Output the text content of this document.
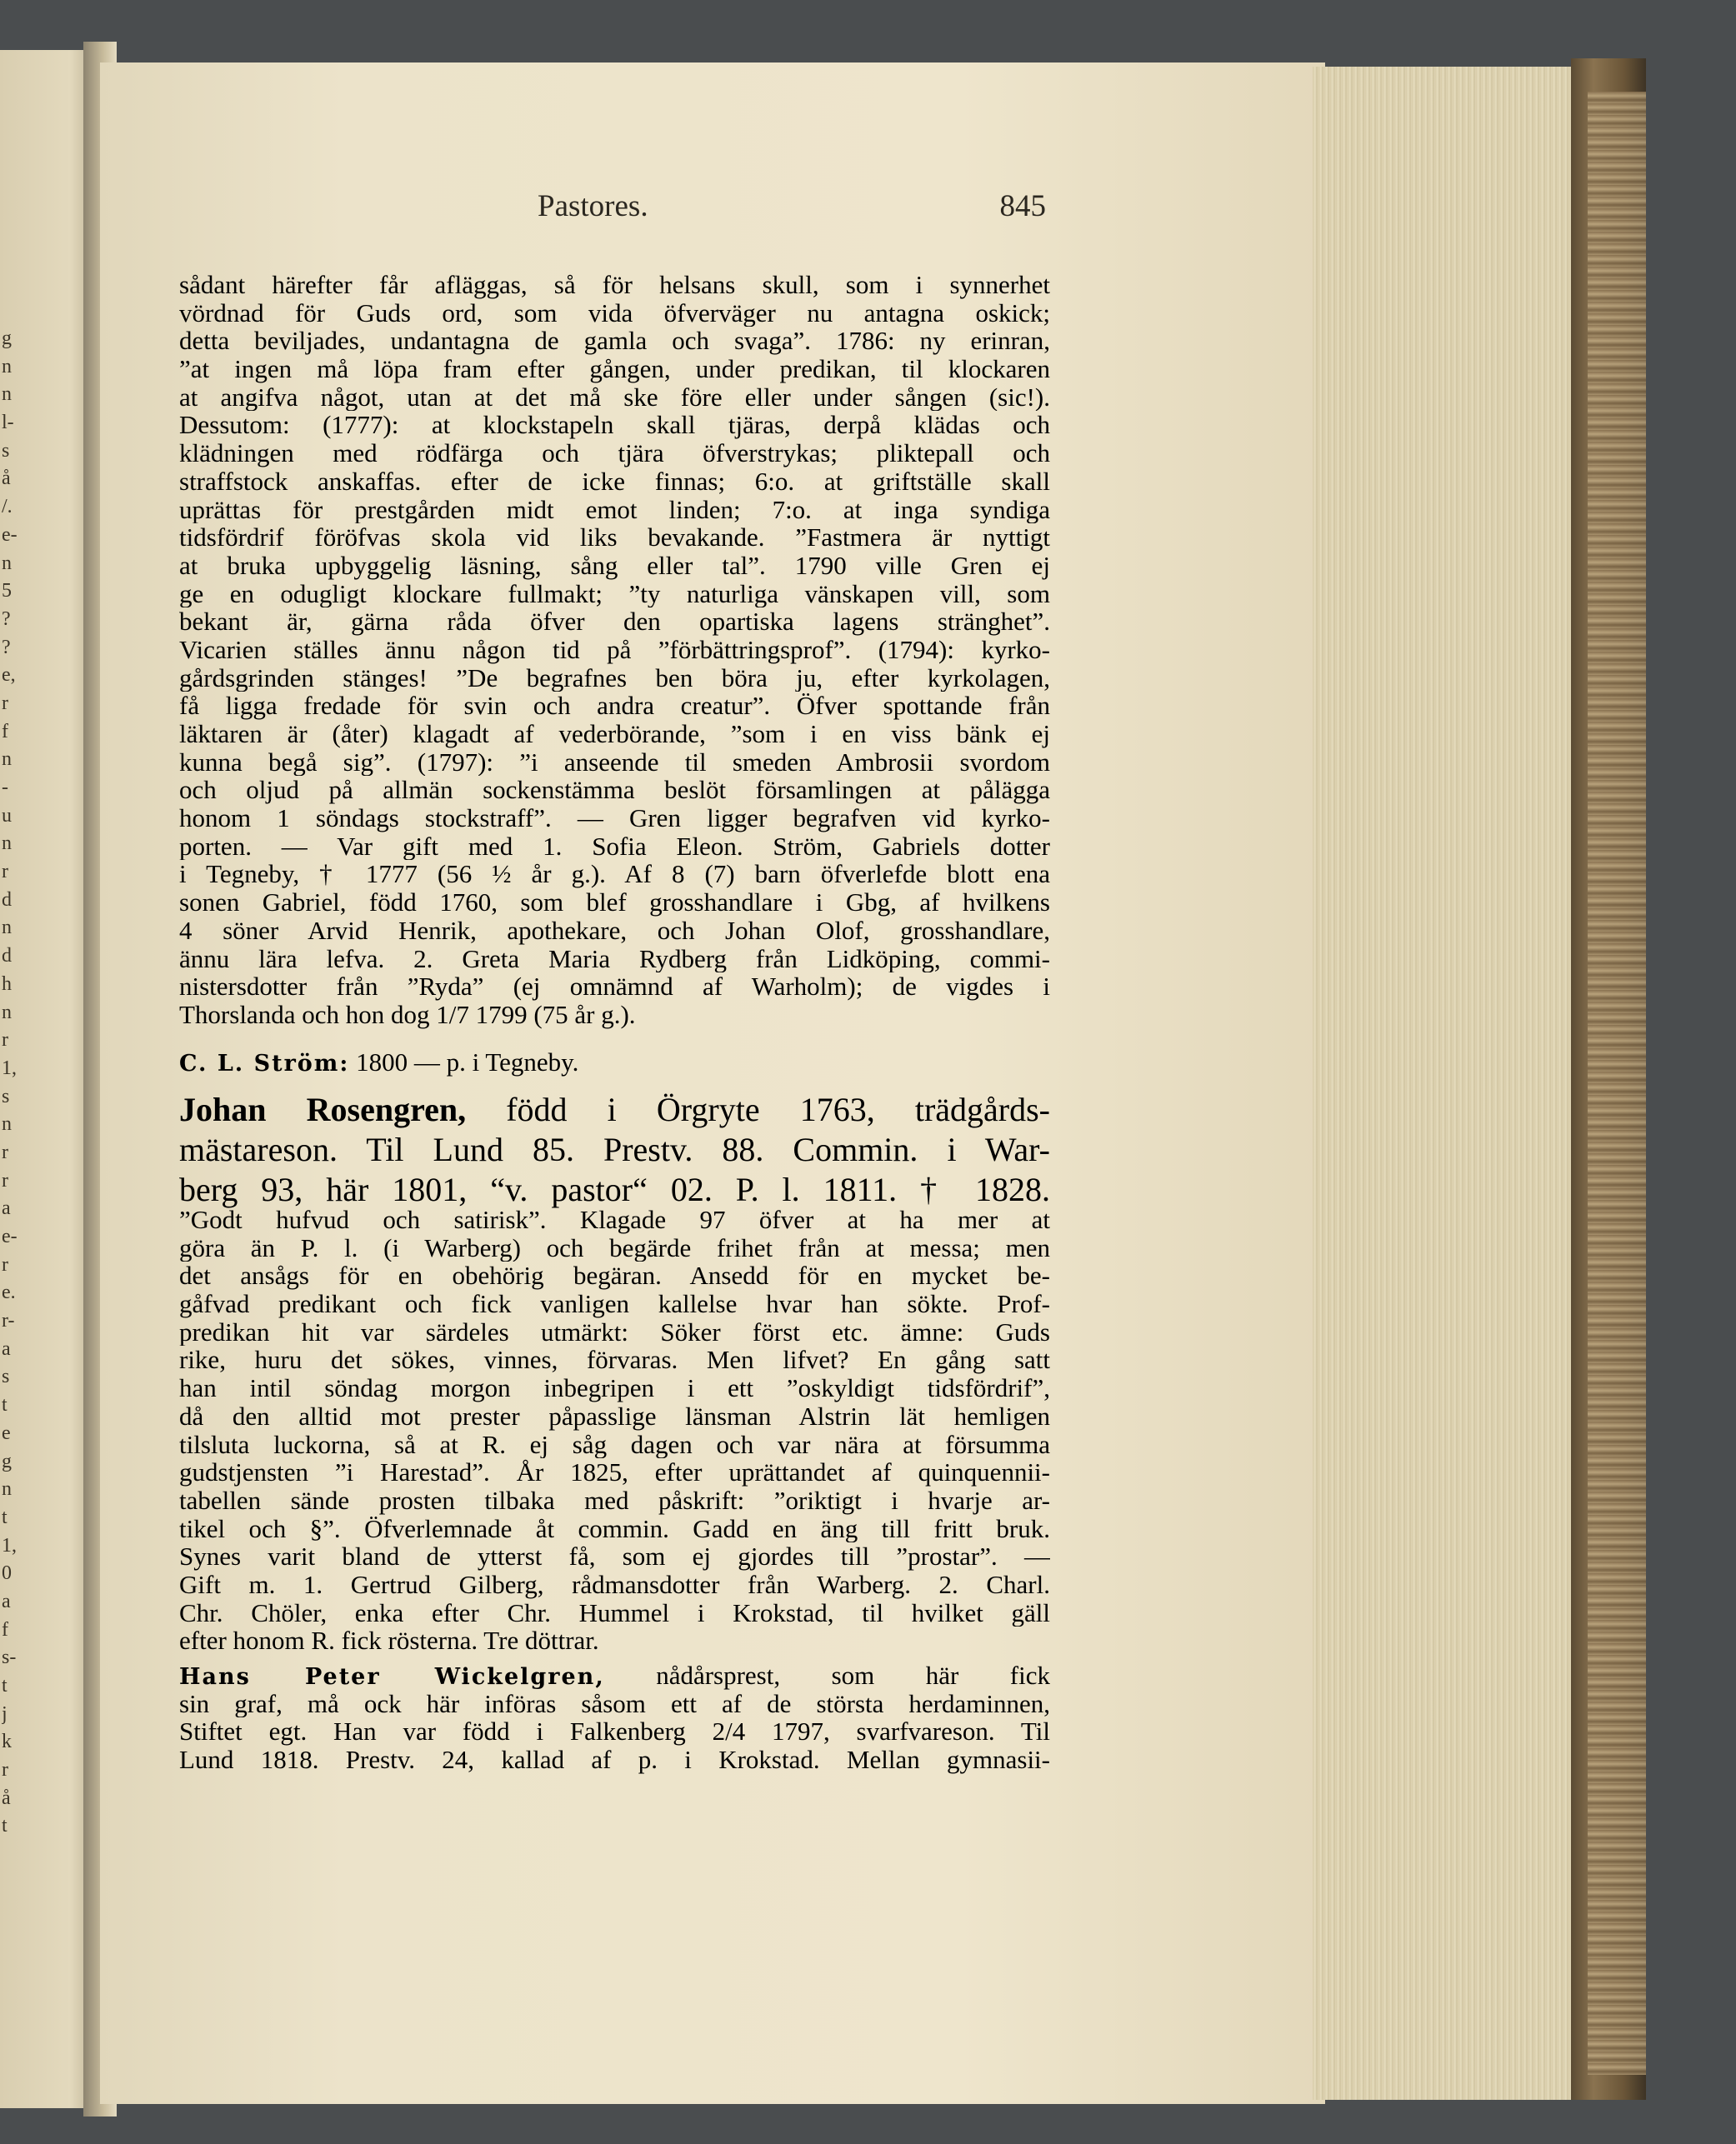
g
n
n
l-
s
å
/.
e-
n
5
?
?
e,
r
f
n
-
u
n
r
d
n
d
h
n
r
1,
s
n
r
r
a
e-
r
e.
r-
a
s
t
e
g
n
t
1,
0
a
f
s-
t
j
k
r
å
t
Pastores.	845
sådant härefter får afläggas, så för helsans skull, som i synnerhet
vördnad för Guds ord, som vida öfverväger nu antagna oskick;
detta beviljades, undantagna de gamla och svaga”. 1786: ny erinran,
”at ingen må löpa fram efter gången, under predikan, til klockaren
at angifva något, utan at det må ske före eller under sången (sic!).
Dessutom: (1777): at klockstapeln skall tjäras, derpå klädas och
klädningen med rödfärga och tjära öfverstrykas; pliktepall och
straffstock anskaffas. efter de icke finnas; 6:o. at griftställe skall
uprättas för prestgården midt emot linden; 7:o. at inga syndiga
tidsfördrif föröfvas skola vid liks bevakande. ”Fastmera är nyttigt
at bruka upbyggelig läsning, sång eller tal”. 1790 ville Gren ej
ge en odugligt klockare fullmakt; ”ty naturliga vänskapen vill, som
bekant är, gärna råda öfver den opartiska lagens stränghet”.
Vicarien ställes ännu någon tid på ”förbättringsprof”. (1794): kyrko-
gårdsgrinden stänges! ”De begrafnes ben böra ju, efter kyrkolagen,
få ligga fredade för svin och andra creatur”. Öfver spottande från
läktaren är (åter) klagadt af vederbörande, ”som i en viss bänk ej
kunna begå sig”. (1797): ”i anseende til smeden Ambrosii svordom
och oljud på allmän sockenstämma beslöt församlingen at pålägga
honom 1 söndags stockstraff”. — Gren ligger begrafven vid kyrko-
porten. — Var gift med 1. Sofia Eleon. Ström, Gabriels dotter
i Tegneby, † 1777 (56 ½ år g.). Af 8 (7) barn öfverlefde blott ena
sonen Gabriel, född 1760, som blef grosshandlare i Gbg, af hvilkens
4 söner Arvid Henrik, apothekare, och Johan Olof, grosshandlare,
ännu lära lefva. 2. Greta Maria Rydberg från Lidköping, commi-
nistersdotter från ”Ryda” (ej omnämnd af Warholm); de vigdes i
Thorslanda och hon dog 1/7 1799 (75 år g.).
C. L. Ström: 1800 — p. i Tegneby.
Johan Rosengren, född i Örgryte 1763, trädgårds-
mästareson. Til Lund 85. Prestv. 88. Commin. i War-
berg 93, här 1801, “v. pastor“ 02. P. l. 1811. † 1828.
”Godt hufvud och satirisk”. Klagade 97 öfver at ha mer at
göra än P. l. (i Warberg) och begärde frihet från at messa; men
det ansågs för en obehörig begäran. Ansedd för en mycket be-
gåfvad predikant och fick vanligen kallelse hvar han sökte. Prof-
predikan hit var särdeles utmärkt: Söker först etc. ämne: Guds
rike, huru det sökes, vinnes, förvaras. Men lifvet? En gång satt
han intil söndag morgon inbegripen i ett ”oskyldigt tidsfördrif”,
då den alltid mot prester påpasslige länsman Alstrin lät hemligen
tilsluta luckorna, så at R. ej såg dagen och var nära at försumma
gudstjensten ”i Harestad”. År 1825, efter uprättandet af quinquennii-
tabellen sände prosten tilbaka med påskrift: ”oriktigt i hvarje ar-
tikel och §”. Öfverlemnade åt commin. Gadd en äng till fritt bruk.
Synes varit bland de ytterst få, som ej gjordes till ”prostar”. —
Gift m. 1. Gertrud Gilberg, rådmansdotter från Warberg. 2. Charl.
Chr. Chöler, enka efter Chr. Hummel i Krokstad, til hvilket gäll
efter honom R. fick rösterna. Tre döttrar.
Hans Peter Wickelgren, nådårsprest, som här fick
sin graf, må ock här införas såsom ett af de största herdaminnen,
Stiftet egt. Han var född i Falkenberg 2/4 1797, svarfvareson. Til
Lund 1818. Prestv. 24, kallad af p. i Krokstad. Mellan gymnasii-
